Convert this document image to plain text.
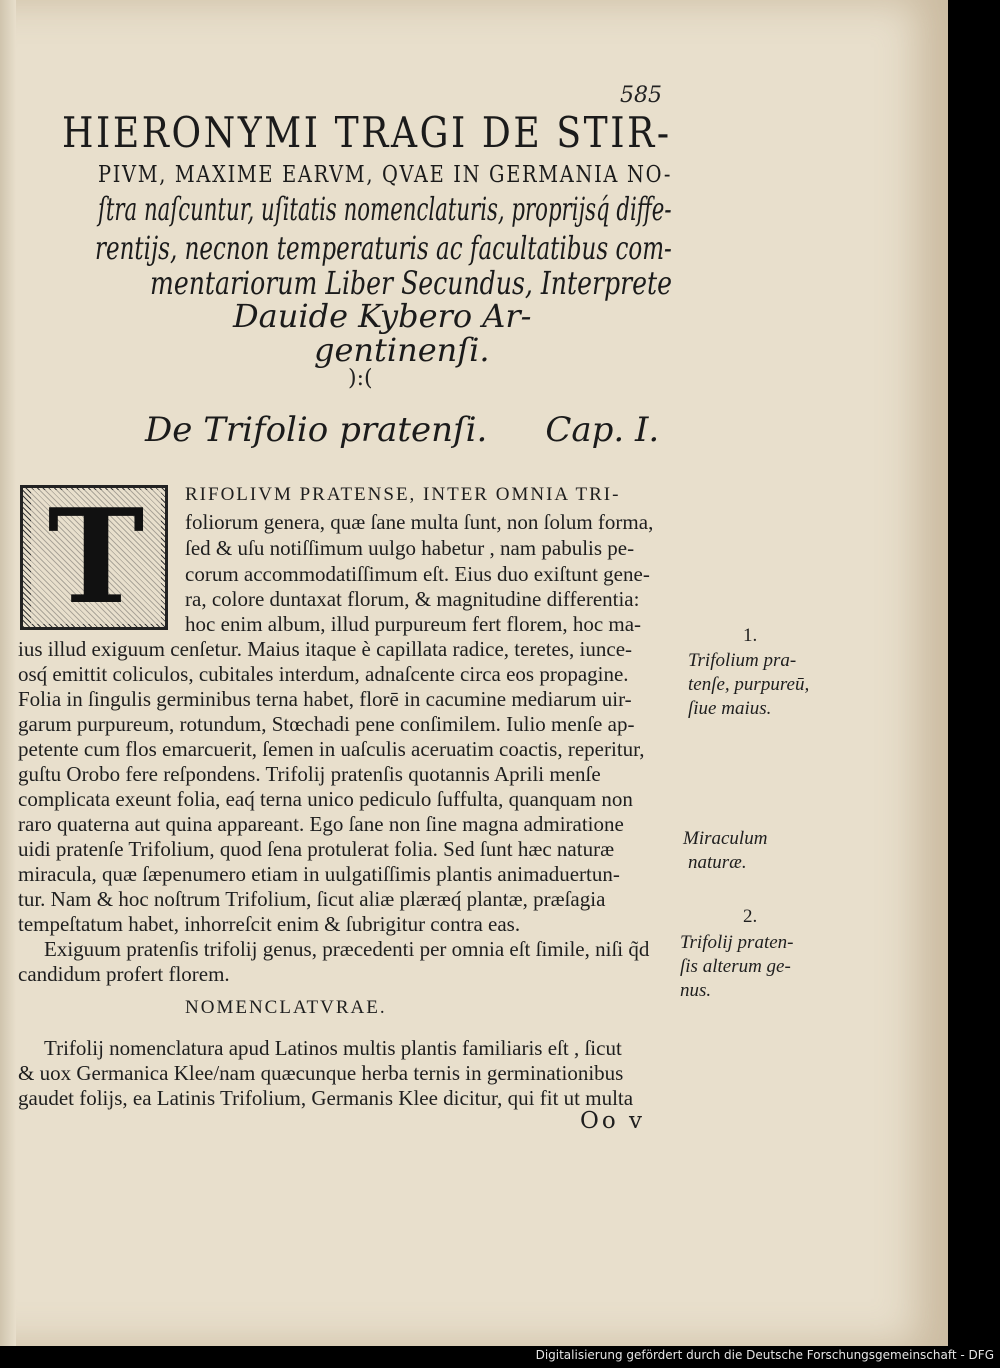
585
HIERONYMI TRAGI DE STIR-
PIVM, MAXIME EARVM, QVAE IN GERMANIA NO-
ſtra naſcuntur, uſitatis nomenclaturis, proprijsq́ diffe-
rentijs, necnon temperaturis ac facultatibus com-
mentariorum Liber Secundus, Interprete
Dauide Kybero Ar-
gentinenſi.
):(
De Trifolio pratenſi. Cap. I.
T	RIFOLIVM PRATENSE, INTER OMNIA TRI-
foliorum genera, quæ ſane multa ſunt, non ſolum forma,
ſed & uſu notiſſimum uulgo habetur , nam pabulis pe-
corum accommodatiſſimum eſt. Eius duo exiſtunt gene-
ra, colore duntaxat florum, & magnitudine differentia:
hoc enim album, illud purpureum fert florem, hoc ma-
ius illud exiguum cenſetur. Maius itaque è capillata radice, teretes, iunce-
osq́ emittit coliculos, cubitales interdum, adnaſcente circa eos propagine.
Folia in ſingulis germinibus terna habet, florē in cacumine mediarum uir-
garum purpureum, rotundum, Stœchadi pene conſimilem. Iulio menſe ap-
petente cum flos emarcuerit, ſemen in uaſculis aceruatim coactis, reperitur,
guſtu Orobo fere reſpondens. Trifolij pratenſis quotannis Aprili menſe
complicata exeunt folia, eaq́ terna unico pediculo ſuffulta, quanquam non
raro quaterna aut quina appareant. Ego ſane non ſine magna admiratione
uidi pratenſe Trifolium, quod ſena protulerat folia. Sed ſunt hæc naturæ
miracula, quæ ſæpenumero etiam in uulgatiſſimis plantis animaduertun-
tur. Nam & hoc noſtrum Trifolium, ſicut aliæ plæræq́ plantæ, præſagia
tempeſtatum habet, inhorreſcit enim & ſubrigitur contra eas.
Exiguum pratenſis trifolij genus, præcedenti per omnia eſt ſimile, niſi q̃d
candidum profert florem.
NOMENCLATVRAE.
Trifolij nomenclatura apud Latinos multis plantis familiaris eſt , ſicut
& uox Germanica Klee/nam quæcunque herba ternis in germinationibus
gaudet folijs, ea Latinis Trifolium, Germanis Klee dicitur, qui fit ut multa
Oo v
1.
Trifolium pra-
tenſe, purpureū,
ſiue maius.
Miraculum
naturæ.
2.
Trifolij praten-
ſis alterum ge-
nus.
Digitalisierung gefördert durch die Deutsche Forschungsgemeinschaft - DFG
